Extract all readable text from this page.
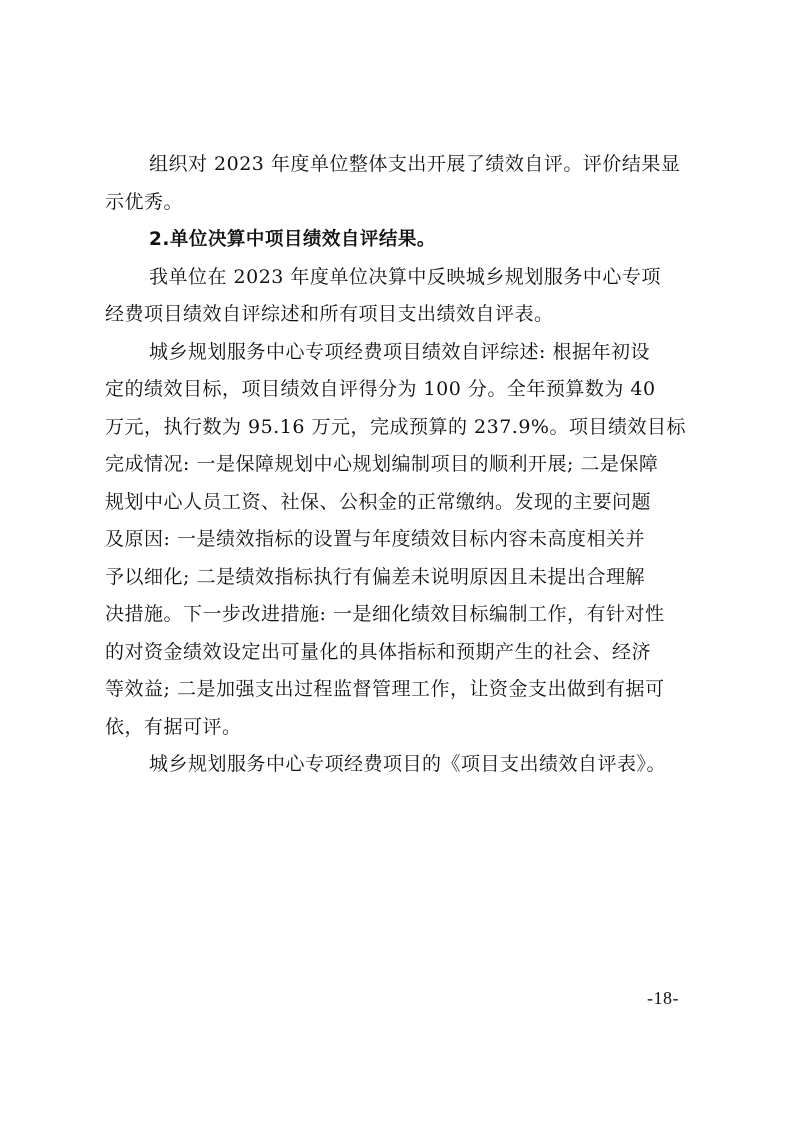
组织对 2023 年度单位整体支出开展了绩效自评。评价结果显
示优秀。
2.单位决算中项目绩效自评结果。
我单位在 2023 年度单位决算中反映城乡规划服务中心专项
经费项目绩效自评综述和所有项目支出绩效自评表。
城乡规划服务中心专项经费项目绩效自评综述: 根据年初设
定的绩效目标，项目绩效自评得分为 100 分。全年预算数为 40
万元，执行数为 95.16 万元，完成预算的 237.9%。项目绩效目标
完成情况: 一是保障规划中心规划编制项目的顺利开展; 二是保障
规划中心人员工资、社保、公积金的正常缴纳。发现的主要问题
及原因: 一是绩效指标的设置与年度绩效目标内容未高度相关并
予以细化; 二是绩效指标执行有偏差未说明原因且未提出合理解
决措施。下一步改进措施: 一是细化绩效目标编制工作，有针对性
的对资金绩效设定出可量化的具体指标和预期产生的社会、经济
等效益; 二是加强支出过程监督管理工作，让资金支出做到有据可
依，有据可评。
城乡规划服务中心专项经费项目的《项目支出绩效自评表》。
-18-
